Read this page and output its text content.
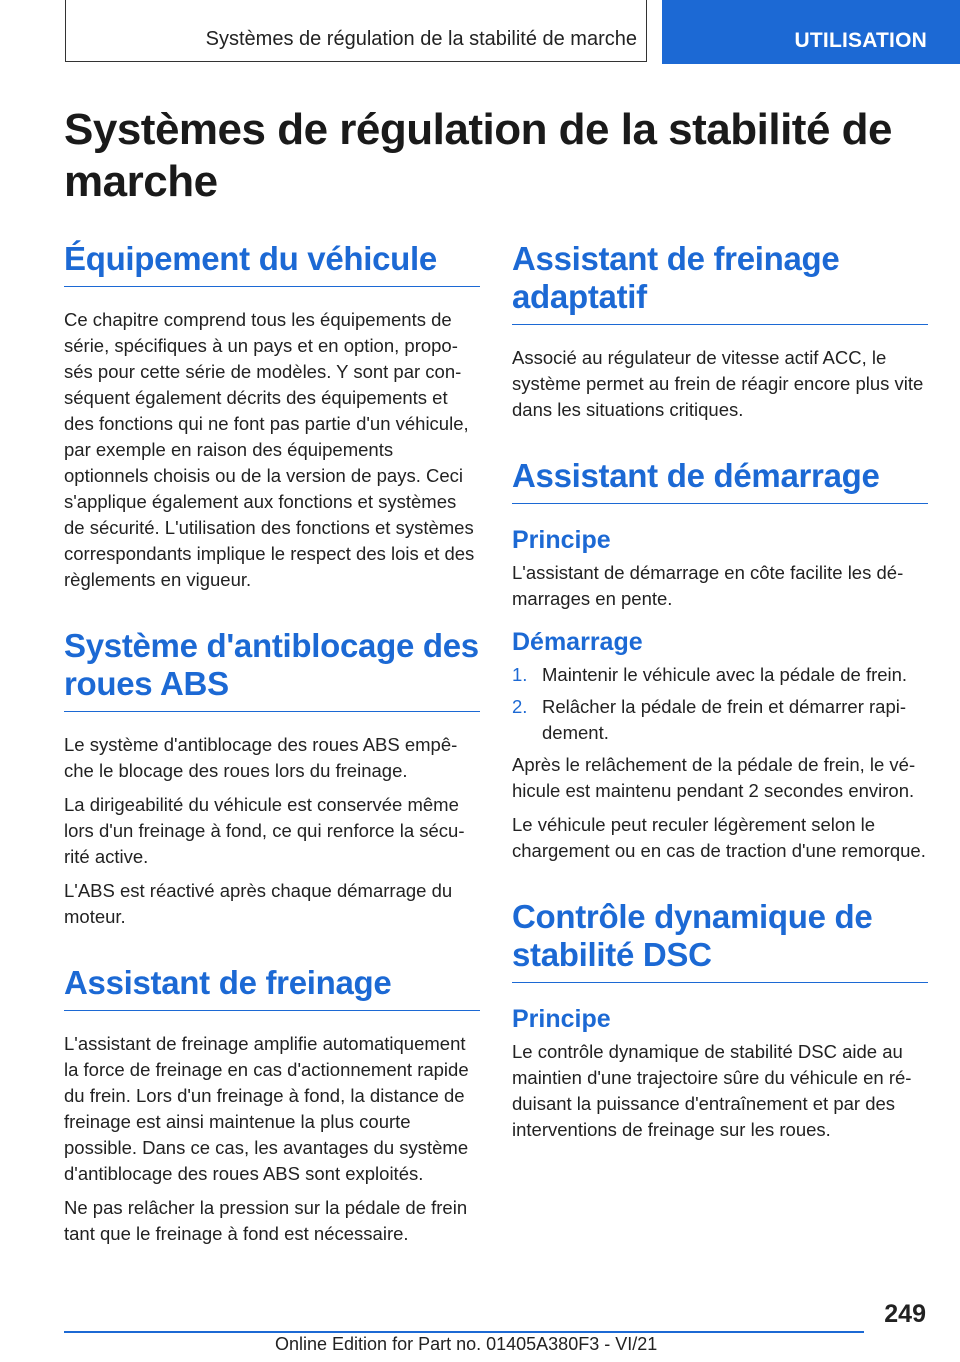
Systèmes de régulation de la stabilité de marche	UTILISATION
Systèmes de régulation de la stabilité de marche
Équipement du véhicule

Ce chapitre comprend tous les équipements de série, spécifiques à un pays et en option, proposés pour cette série de modèles. Y sont par conséquent également décrits des équipements et des fonctions qui ne font pas partie d'un véhicule, par exemple en raison des équipements optionnels choisis ou de la version de pays. Ceci s'applique également aux fonctions et systèmes de sécurité. L'utilisation des fonctions et systèmes correspondants implique le respect des lois et des règlements en vigueur.

Système d'antiblocage des roues ABS

Le système d'antiblocage des roues ABS empêche le blocage des roues lors du freinage.

La dirigeabilité du véhicule est conservée même lors d'un freinage à fond, ce qui renforce la sécurité active.

L'ABS est réactivé après chaque démarrage du moteur.

Assistant de freinage

L'assistant de freinage amplifie automatiquement la force de freinage en cas d'actionnement rapide du frein. Lors d'un freinage à fond, la distance de freinage est ainsi maintenue la plus courte possible. Dans ce cas, les avantages du système d'antiblocage des roues ABS sont exploités.

Ne pas relâcher la pression sur la pédale de frein tant que le freinage à fond est nécessaire.

Assistant de freinage adaptatif

Associé au régulateur de vitesse actif ACC, le système permet au frein de réagir encore plus vite dans les situations critiques.

Assistant de démarrage
Principe

L'assistant de démarrage en côte facilite les démarrages en pente.

Démarrage
1. Maintenir le véhicule avec la pédale de frein.
2. Relâcher la pédale de frein et démarrer rapidement.

Après le relâchement de la pédale de frein, le véhicule est maintenu pendant 2 secondes environ.

Le véhicule peut reculer légèrement selon le chargement ou en cas de traction d'une remorque.

Contrôle dynamique de stabilité DSC
Principe

Le contrôle dynamique de stabilité DSC aide au maintien d'une trajectoire sûre du véhicule en réduisant la puissance d'entraînement et par des interventions de freinage sur les roues.

249
Online Edition for Part no. 01405A380F3 - VI/21
